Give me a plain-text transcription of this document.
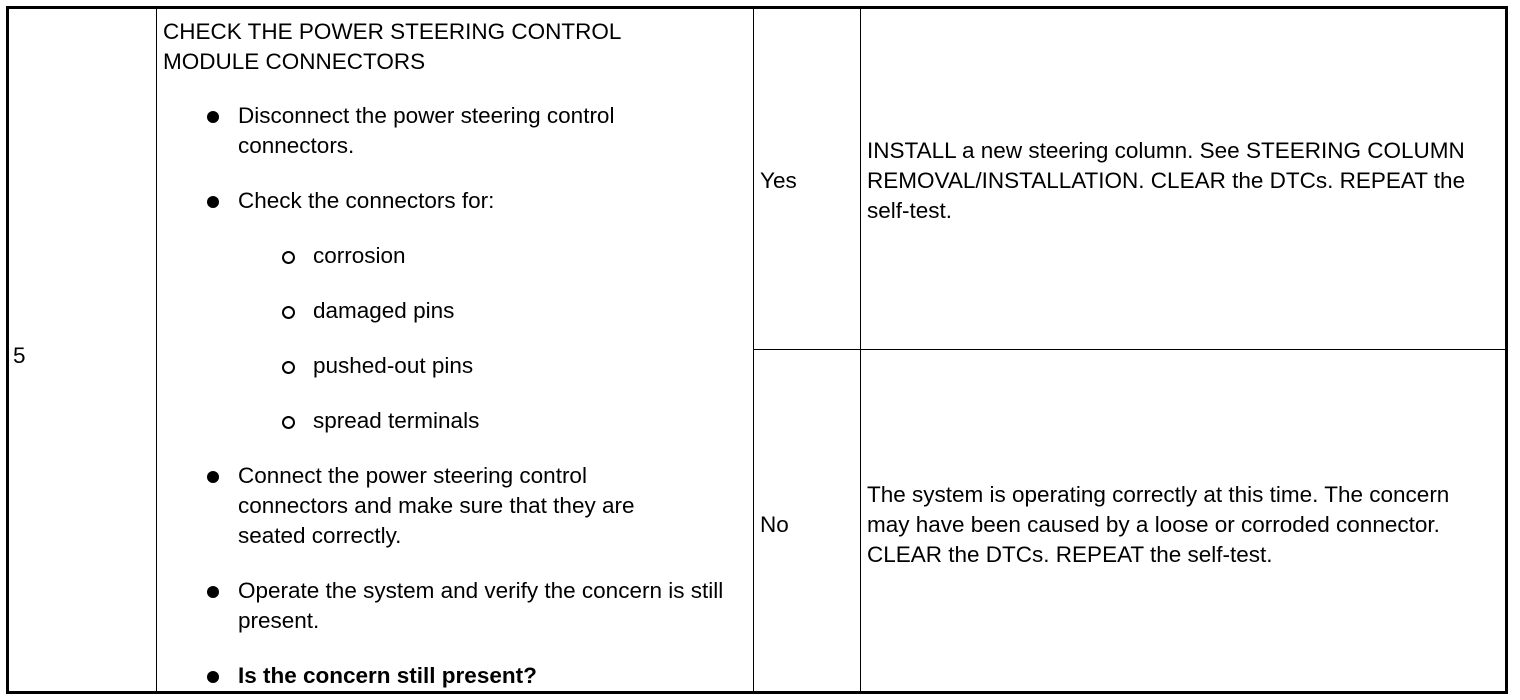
5
CHECK THE POWER STEERING CONTROL MODULE CONNECTORS
Disconnect the power steering control connectors.
Check the connectors for:
corrosion
damaged pins
pushed-out pins
spread terminals
Connect the power steering control connectors and make sure that they are seated correctly.
Operate the system and verify the concern is still present.
Is the concern still present?
Yes
INSTALL a new steering column. See STEERING COLUMN REMOVAL/INSTALLATION. CLEAR the DTCs. REPEAT the self-test.
No
The system is operating correctly at this time. The concern may have been caused by a loose or corroded connector. CLEAR the DTCs. REPEAT the self-test.
